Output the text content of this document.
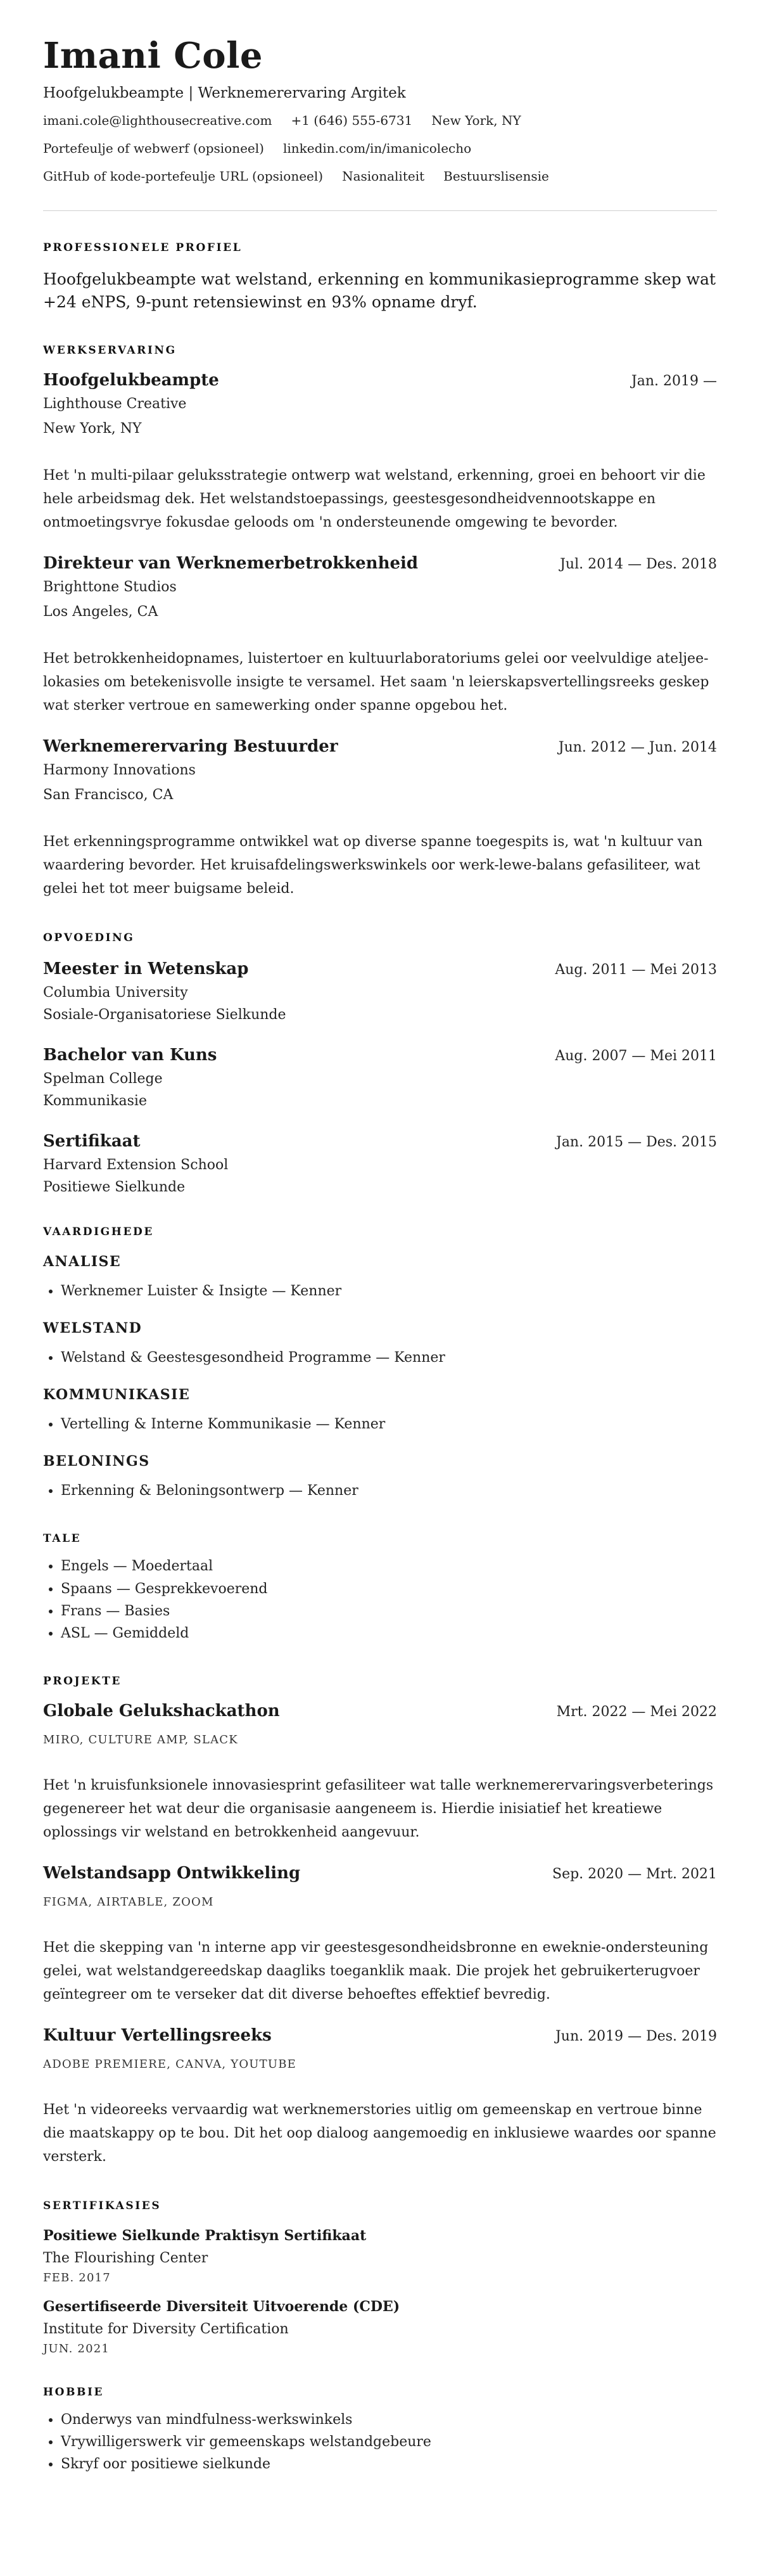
Imani Cole
Hoofgelukbeampte | Werknemerervaring Argitek
imani.cole@lighthousecreative.com +1 (646) 555-6731 New York, NY
Portefeulje of webwerf (opsioneel) linkedin.com/in/imanicolecho
GitHub of kode-portefeulje URL (opsioneel) Nasionaliteit Bestuurslisensie
PROFESSIONELE PROFIEL

Hoofgelukbeampte wat welstand, erkenning en kommunikasieprogramme skep wat +24 eNPS, 9-punt retensiewinst en 93% opname dryf.

WERKSERVARING
Hoofgelukbeampte	Jan. 2019 —
Lighthouse Creative
New York, NY

Het 'n multi-pilaar geluksstrategie ontwerp wat welstand, erkenning, groei en behoort vir die hele arbeidsmag dek. Het welstandstoepassings, geestesgesondheidvennootskappe en ontmoetingsvrye fokusdae geloods om 'n ondersteunende omgewing te bevorder.

Direkteur van Werknemerbetrokkenheid	Jul. 2014 — Des. 2018
Brighttone Studios
Los Angeles, CA

Het betrokkenheidopnames, luistertoer en kultuurlaboratoriums gelei oor veelvuldige ateljee-lokasies om betekenisvolle insigte te versamel. Het saam 'n leierskapsvertellingsreeks geskep wat sterker vertroue en samewerking onder spanne opgebou het.

Werknemerervaring Bestuurder	Jun. 2012 — Jun. 2014
Harmony Innovations
San Francisco, CA

Het erkenningsprogramme ontwikkel wat op diverse spanne toegespits is, wat 'n kultuur van waardering bevorder. Het kruisafdelingswerkswinkels oor werk-lewe-balans gefasiliteer, wat gelei het tot meer buigsame beleid.

OPVOEDING
Meester in Wetenskap	Aug. 2011 — Mei 2013
Columbia University
Sosiale-Organisatoriese Sielkunde
Bachelor van Kuns	Aug. 2007 — Mei 2011
Spelman College
Kommunikasie
Sertifikaat	Jan. 2015 — Des. 2015
Harvard Extension School
Positiewe Sielkunde
VAARDIGHEDE
ANALISE
• Werknemer Luister & Insigte — Kenner
WELSTAND
• Welstand & Geestesgesondheid Programme — Kenner
KOMMUNIKASIE
• Vertelling & Interne Kommunikasie — Kenner
BELONINGS
• Erkenning & Beloningsontwerp — Kenner
TALE
• Engels — Moedertaal
• Spaans — Gesprekkevoerend
• Frans — Basies
• ASL — Gemiddeld
PROJEKTE
Globale Gelukshackathon	Mrt. 2022 — Mei 2022
MIRO, CULTURE AMP, SLACK

Het 'n kruisfunksionele innovasiesprint gefasiliteer wat talle werknemerervaringsverbeterings gegenereer het wat deur die organisasie aangeneem is. Hierdie inisiatief het kreatiewe oplossings vir welstand en betrokkenheid aangevuur.

Welstandsapp Ontwikkeling	Sep. 2020 — Mrt. 2021
FIGMA, AIRTABLE, ZOOM

Het die skepping van 'n interne app vir geestesgesondheidsbronne en eweknie-ondersteuning gelei, wat welstandgereedskap daagliks toeganklik maak. Die projek het gebruikerterugvoer geïntegreer om te verseker dat dit diverse behoeftes effektief bevredig.

Kultuur Vertellingsreeks	Jun. 2019 — Des. 2019
ADOBE PREMIERE, CANVA, YOUTUBE

Het 'n videoreeks vervaardig wat werknemerstories uitlig om gemeenskap en vertroue binne die maatskappy op te bou. Dit het oop dialoog aangemoedig en inklusiewe waardes oor spanne versterk.

SERTIFIKASIES
Positiewe Sielkunde Praktisyn Sertifikaat
The Flourishing Center
FEB. 2017
Gesertifiseerde Diversiteit Uitvoerende (CDE)
Institute for Diversity Certification
JUN. 2021
HOBBIE
• Onderwys van mindfulness-werkswinkels
• Vrywilligerswerk vir gemeenskaps welstandgebeure
• Skryf oor positiewe sielkunde
